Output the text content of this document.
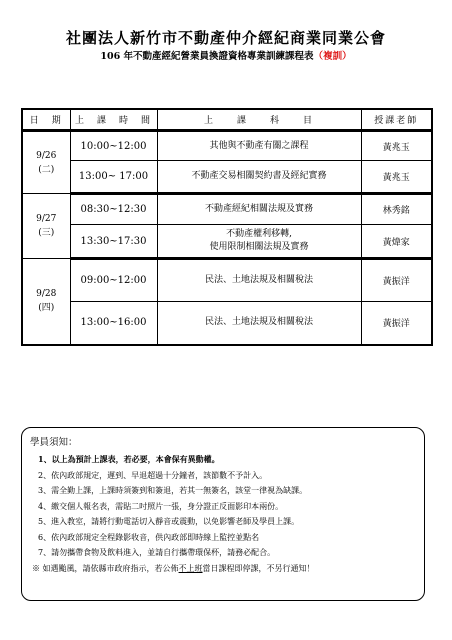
社團法人新竹市不動產仲介經紀商業同業公會
106 年不動產經紀營業員換證資格專業訓練課程表（複訓）
日　期	上　課　時　間	上　　課　　科　　目	授課老師

9/26
(二)	10:00~12:00	其他與不動產有關之課程	黃兆玉
	13:00~ 17:00	不動產交易相關契約書及經紀實務	黃兆玉

9/27
(三)	08:30~12:30	不動產經紀相關法規及實務	林秀銘
	13:30~17:30	不動產權利移轉,
使用限制相關法規及實務	黃煒家

9/28
(四)	09:00~12:00	民法、土地法規及相關稅法	黃振洋
	13:00~16:00	民法、土地法規及相關稅法	黃振洋
學員須知：
1、以上為預計上課表，若必要，本會保有異動權。
2、依內政部規定，遲到、早退超過十分鐘者，該節數不予計入。
3、需全勤上課，上課時須簽到和簽退，若其一無簽名，該堂一律視為缺課。
4、繳交個人報名表，需貼二吋照片一張，身分證正反面影印本兩份。
5、進入教室，請將行動電話切入靜音或震動，以免影響老師及學員上課。
6、依內政部規定全程錄影收音，供內政部即時線上監控並點名
7、請勿攜帶食物及飲料進入，並請自行攜帶環保杯，請務必配合。
※ 如遇颱風，請依縣市政府指示，若公佈不上班當日課程即停課，不另行通知！
